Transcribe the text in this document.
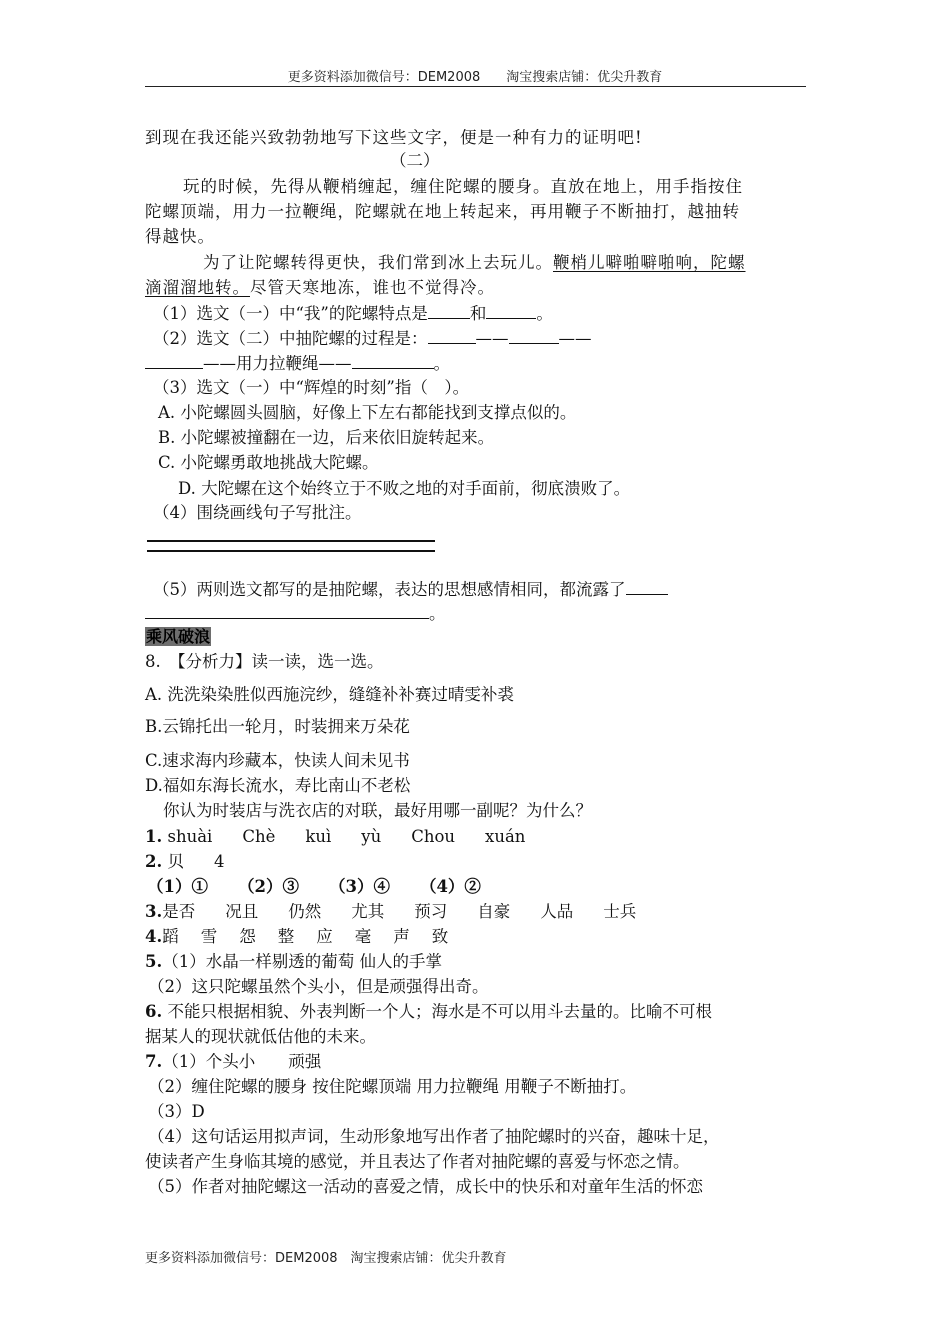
更多资料添加微信号：DEM2008　　淘宝搜索店铺：优尖升教育
到现在我还能兴致勃勃地写下这些文字，便是一种有力的证明吧!
（二）
玩的时候，先得从鞭梢缠起，缠住陀螺的腰身。直放在地上，用手指按住
陀螺顶端，用力一拉鞭绳，陀螺就在地上转起来，再用鞭子不断抽打，越抽转
得越快。
为了让陀螺转得更快，我们常到冰上去玩儿。鞭梢儿噼啪噼啪响，陀螺
滴溜溜地转。尽管天寒地冻，谁也不觉得冷。
（1）选文（一）中“我”的陀螺特点是	和	。
（2）选文（二）中抽陀螺的过程是：	——	——
——用力拉鞭绳——	。
（3）选文（一）中“辉煌的时刻”指（　）。
A. 小陀螺圆头圆脑，好像上下左右都能找到支撑点似的。
B. 小陀螺被撞翻在一边，后来依旧旋转起来。
C. 小陀螺勇敢地挑战大陀螺。
D. 大陀螺在这个始终立于不败之地的对手面前，彻底溃败了。
（4）围绕画线句子写批注。
（5）两则选文都写的是抽陀螺，表达的思想感情相同，都流露了
。
乘风破浪
8.　【分析力】读一读，选一选。
A. 洗洗染染胜似西施浣纱，缝缝补补赛过晴雯补裘
B.云锦托出一轮月，时装拥来万朵花
C.速求海内珍藏本，快读人间未见书
D.福如东海长流水，寿比南山不老松
你认为时装店与洗衣店的对联，最好用哪一副呢？为什么？
1. shuài Chè kuì yù Chou xuán
2. 贝 4
（1）① （2）③ （3）④ （4）②
3.是否 况且 仍然 尤其 预习 自豪 人品 士兵
4.蹈 雪 怨 整 应 毫 声 致
5.（1）水晶一样剔透的葡萄 仙人的手掌
（2）这只陀螺虽然个头小，但是顽强得出奇。
6. 不能只根据相貌、外表判断一个人；海水是不可以用斗去量的。比喻不可根
据某人的现状就低估他的未来。
7.（1）个头小　　顽强
（2）缠住陀螺的腰身 按住陀螺顶端 用力拉鞭绳 用鞭子不断抽打。
（3）D
（4）这句话运用拟声词，生动形象地写出作者了抽陀螺时的兴奋，趣味十足，
使读者产生身临其境的感觉，并且表达了作者对抽陀螺的喜爱与怀恋之情。
（5）作者对抽陀螺这一活动的喜爱之情，成长中的快乐和对童年生活的怀恋
更多资料添加微信号：DEM2008　淘宝搜索店铺：优尖升教育
